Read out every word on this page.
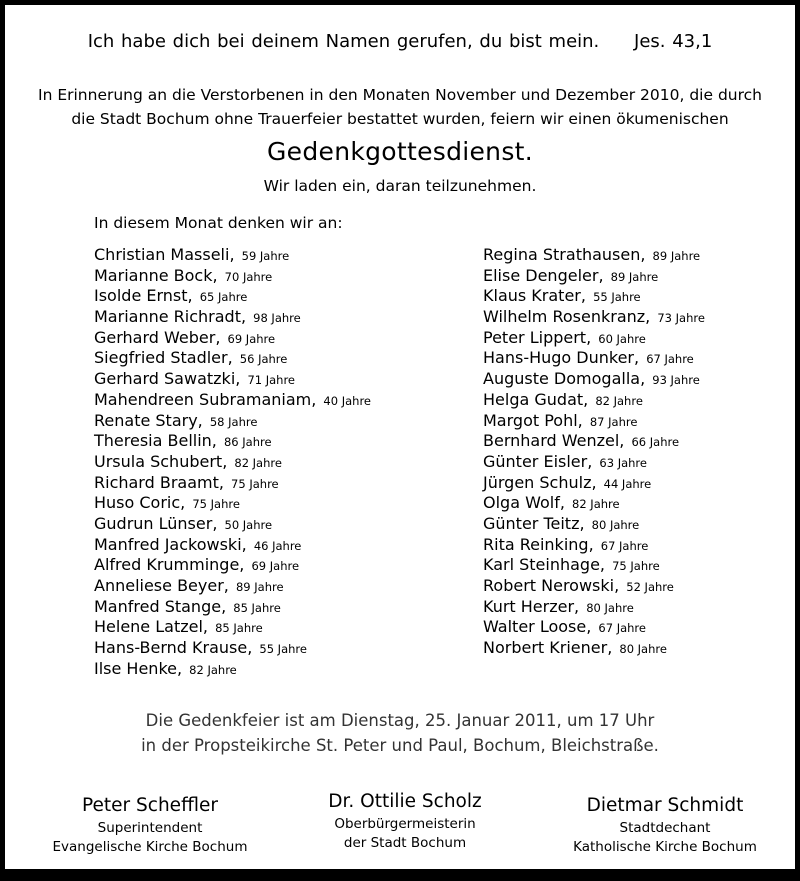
Ich habe dich bei deinem Namen gerufen, du bist mein. Jes. 43,1
In Erinnerung an die Verstorbenen in den Monaten November und Dezember 2010, die durch
die Stadt Bochum ohne Trauerfeier bestattet wurden, feiern wir einen ökumenischen
Gedenkgottesdienst.
Wir laden ein, daran teilzunehmen.
In diesem Monat denken wir an:
Christian Masseli, 59 Jahre
Marianne Bock, 70 Jahre
Isolde Ernst, 65 Jahre
Marianne Richradt, 98 Jahre
Gerhard Weber, 69 Jahre
Siegfried Stadler, 56 Jahre
Gerhard Sawatzki, 71 Jahre
Mahendreen Subramaniam, 40 Jahre
Renate Stary, 58 Jahre
Theresia Bellin, 86 Jahre
Ursula Schubert, 82 Jahre
Richard Braamt, 75 Jahre
Huso Coric, 75 Jahre
Gudrun Lünser, 50 Jahre
Manfred Jackowski, 46 Jahre
Alfred Krumminge, 69 Jahre
Anneliese Beyer, 89 Jahre
Manfred Stange, 85 Jahre
Helene Latzel, 85 Jahre
Hans-Bernd Krause, 55 Jahre
Ilse Henke, 82 Jahre
Regina Strathausen, 89 Jahre
Elise Dengeler, 89 Jahre
Klaus Krater, 55 Jahre
Wilhelm Rosenkranz, 73 Jahre
Peter Lippert, 60 Jahre
Hans-Hugo Dunker, 67 Jahre
Auguste Domogalla, 93 Jahre
Helga Gudat, 82 Jahre
Margot Pohl, 87 Jahre
Bernhard Wenzel, 66 Jahre
Günter Eisler, 63 Jahre
Jürgen Schulz, 44 Jahre
Olga Wolf, 82 Jahre
Günter Teitz, 80 Jahre
Rita Reinking, 67 Jahre
Karl Steinhage, 75 Jahre
Robert Nerowski, 52 Jahre
Kurt Herzer, 80 Jahre
Walter Loose, 67 Jahre
Norbert Kriener, 80 Jahre
Die Gedenkfeier ist am Dienstag, 25. Januar 2011, um 17 Uhr
in der Propsteikirche St. Peter und Paul, Bochum, Bleichstraße.
Peter Scheffler
Superintendent
Evangelische Kirche Bochum
Dr. Ottilie Scholz
Oberbürgermeisterin
der Stadt Bochum
Dietmar Schmidt
Stadtdechant
Katholische Kirche Bochum
